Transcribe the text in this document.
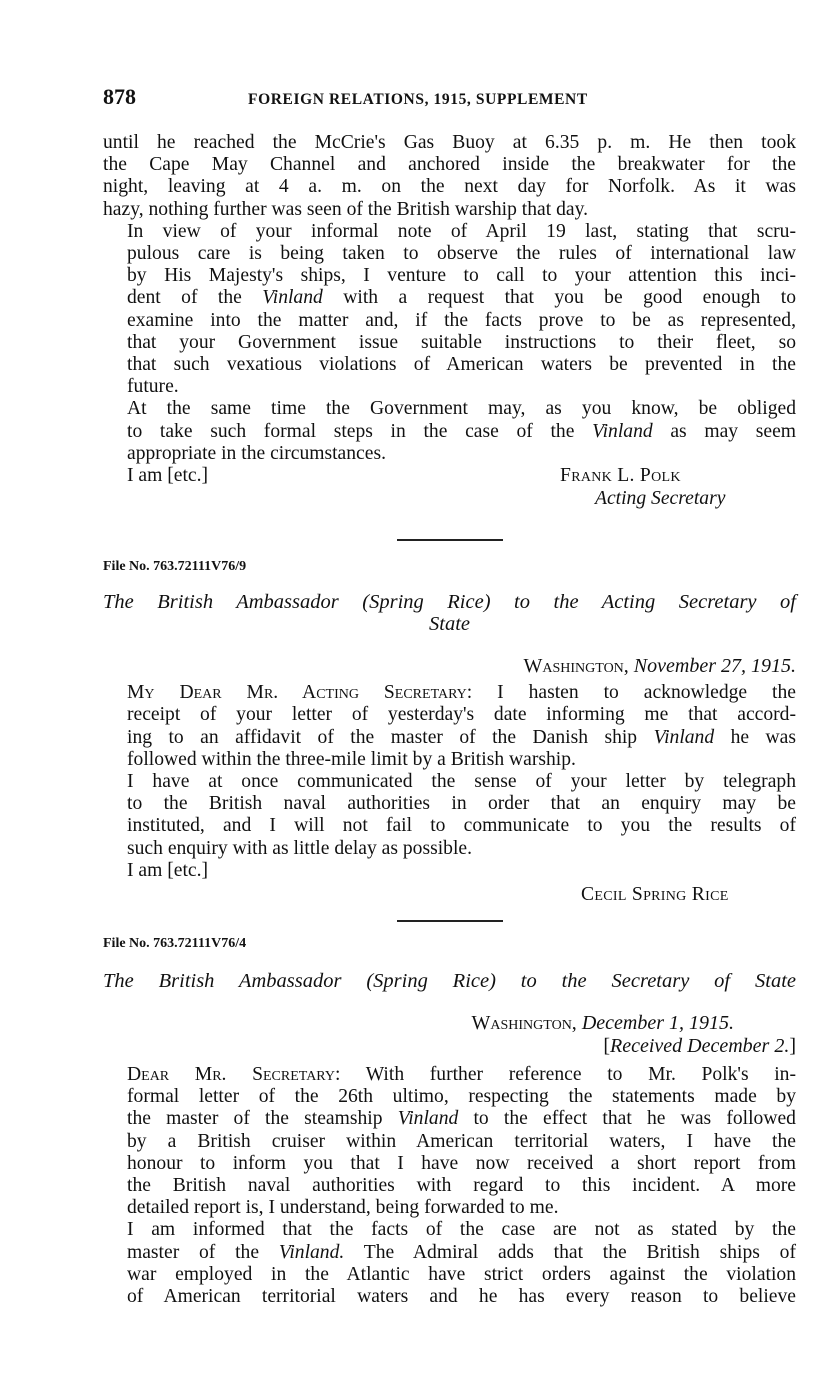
878	FOREIGN RELATIONS, 1915, SUPPLEMENT
until he reached the McCrie's Gas Buoy at 6.35 p. m. He then took
the Cape May Channel and anchored inside the breakwater for the
night, leaving at 4 a. m. on the next day for Norfolk. As it was
hazy, nothing further was seen of the British warship that day.
In view of your informal note of April 19 last, stating that scru-
pulous care is being taken to observe the rules of international law
by His Majesty's ships, I venture to call to your attention this inci-
dent of the Vinland with a request that you be good enough to
examine into the matter and, if the facts prove to be as represented,
that your Government issue suitable instructions to their fleet, so
that such vexatious violations of American waters be prevented in the
future.
At the same time the Government may, as you know, be obliged
to take such formal steps in the case of the Vinland as may seem
appropriate in the circumstances.
I am [etc.]	Frank L. Polk
Acting Secretary

File No. 763.72111V76/9

The British Ambassador (Spring Rice) to the Acting Secretary of
State

Washington, November 27, 1915.

My Dear Mr. Acting Secretary: I hasten to acknowledge the
receipt of your letter of yesterday's date informing me that accord-
ing to an affidavit of the master of the Danish ship Vinland he was
followed within the three-mile limit by a British warship.
I have at once communicated the sense of your letter by telegraph
to the British naval authorities in order that an enquiry may be
instituted, and I will not fail to communicate to you the results of
such enquiry with as little delay as possible.
I am [etc.]
Cecil Spring Rice

File No. 763.72111V76/4

The British Ambassador (Spring Rice) to the Secretary of State

Washington, December 1, 1915.

[Received December 2.]

Dear Mr. Secretary: With further reference to Mr. Polk's in-
formal letter of the 26th ultimo, respecting the statements made by
the master of the steamship Vinland to the effect that he was followed
by a British cruiser within American territorial waters, I have the
honour to inform you that I have now received a short report from
the British naval authorities with regard to this incident. A more
detailed report is, I understand, being forwarded to me.
I am informed that the facts of the case are not as stated by the
master of the Vinland. The Admiral adds that the British ships of
war employed in the Atlantic have strict orders against the violation
of American territorial waters and he has every reason to believe
